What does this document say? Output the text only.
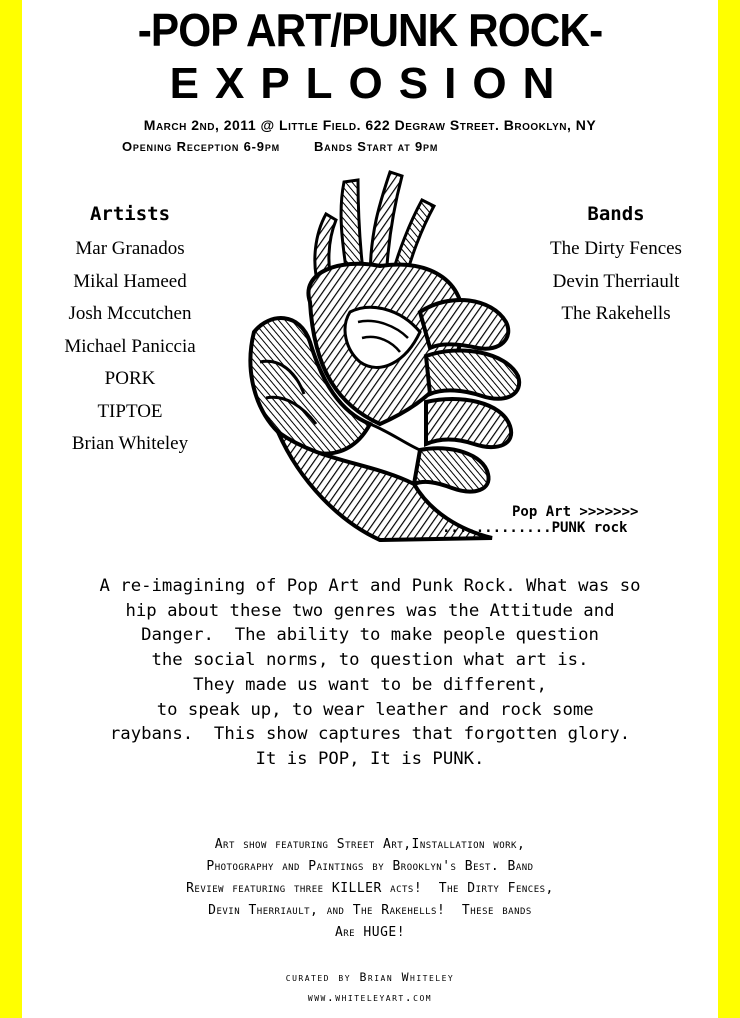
-POP ART/PUNK ROCK-
EXPLOSION
March 2nd, 2011 @ Little Field. 622 Degraw Street. Brooklyn, NY
Opening Reception 6-9pm	Bands Start at 9pm
Artists
Mar Granados
Mikal Hameed
Josh Mccutchen
Michael Paniccia
PORK
TIPTOE
Brian Whiteley
Bands
The Dirty Fences
Devin Therriault
The Rakehells
Pop Art >>>>>>>
.............PUNK rock
A re-imagining of Pop Art and Punk Rock. What was so
hip about these two genres was the Attitude and
Danger.  The ability to make people question
the social norms, to question what art is.
They made us want to be different,
to speak up, to wear leather and rock some
raybans.  This show captures that forgotten glory.
It is POP, It is PUNK.
Art show featuring Street Art,Installation work,
Photography and Paintings by Brooklyn's Best. Band
Review featuring three KILLER acts!  The Dirty Fences,
Devin Therriault, and The Rakehells!  These bands
Are HUGE!
curated by Brian Whiteley
www.whiteleyart.com
